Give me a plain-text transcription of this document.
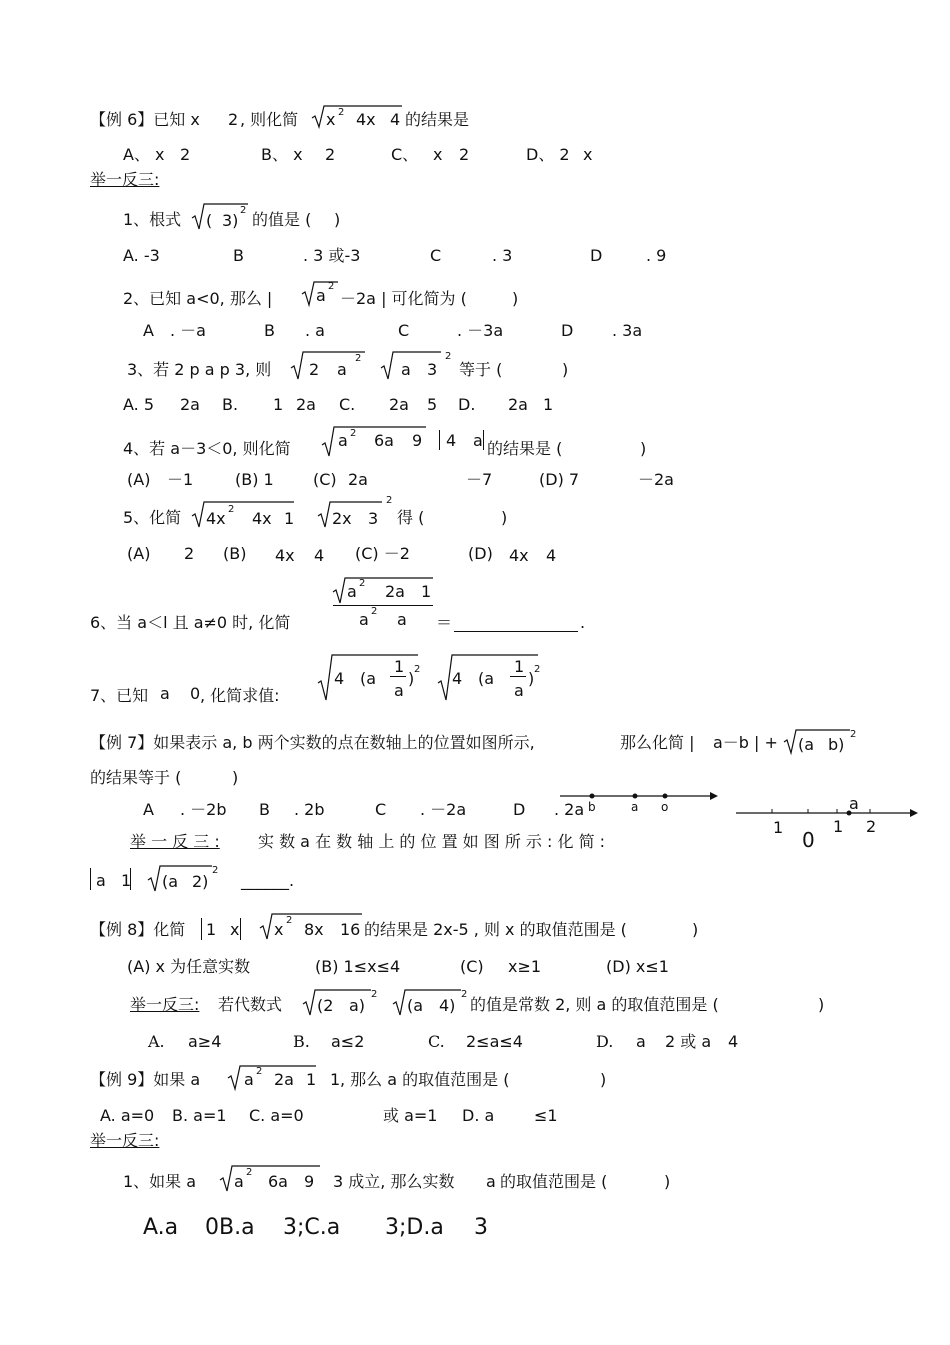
【例 6】已知 x 2 , 则化简 x 2 4x 4 的结果是
A、 x 2	B、 x 2	C、 x 2	D、 2 x
举一反三:
1、根式 ( 3)
2 的值是 ( )
A. -3	B	. 3 或-3	C	. 3	D	. 9
2、已知 a<0, 那么 |	a 2
－2a | 可化简为 (	)
A . －a	B . a	C	. －3a	D . 3a
3、若 2 p a p 3, 则 2 a
2
a 3
2
等于 (	)
A. 5 2a B. 1 2a C. 2a 5 D. 2a 1
4、若 a－3＜0, 则化简	a 2 6a 9 4 a 的结果是 (	)
(A) －1	(B) 1 (C) 2a	－7	(D) 7	－2a
5、化简 4x 2 4x 1 2x 3
2
得 (	)
(A) 2 (B) 4x 4 (C) －2	(D) 4x 4
6、当 a＜l 且 a≠0 时, 化简
a 2 2a 1
a 2 a ＝	.
7、已知 a 0 , 化简求值:
4 (a
1
a
) 2 4 (a
1
a
) 2
【例 7】如果表示 a, b 两个实数的点在数轴上的位置如图所示,	那么化简 | a－b | + (a b)
2
的结果等于 (	)
A . －2b B . 2b	C . －2a	D . 2a b	a o	a
1
0
1 2
举 一 反 三 : 实 数 a 在 数 轴 上 的 位 置 如 图 所 示 : 化 简 :
a 1 (a 2)
2
______.
【例 8】化简 1 x x 2 8x 16 的结果是 2x-5 , 则 x 的取值范围是 (	)
(A) x 为任意实数	(B) 1≤x≤4	(C) x≥1	(D) x≤1
举一反三: 若代数式 (2 a)
2
(a 4)
2
的值是常数 2, 则 a 的取值范围是 (	)
A. a≥4	B. a≤2	C. 2≤a≤4	D. a 2 或 a 4
【例 9】如果 a	a 2 2a 1 1 , 那么 a 的取值范围是 (	)
A. a=0 B. a=1 C. a=0	或 a=1 D. a ≤1
举一反三:
1、如果 a a 2 6a 9 3 成立, 那么实数 a 的取值范围是 (	)
A.a 0B.a 3;C.a 3;D.a 3
